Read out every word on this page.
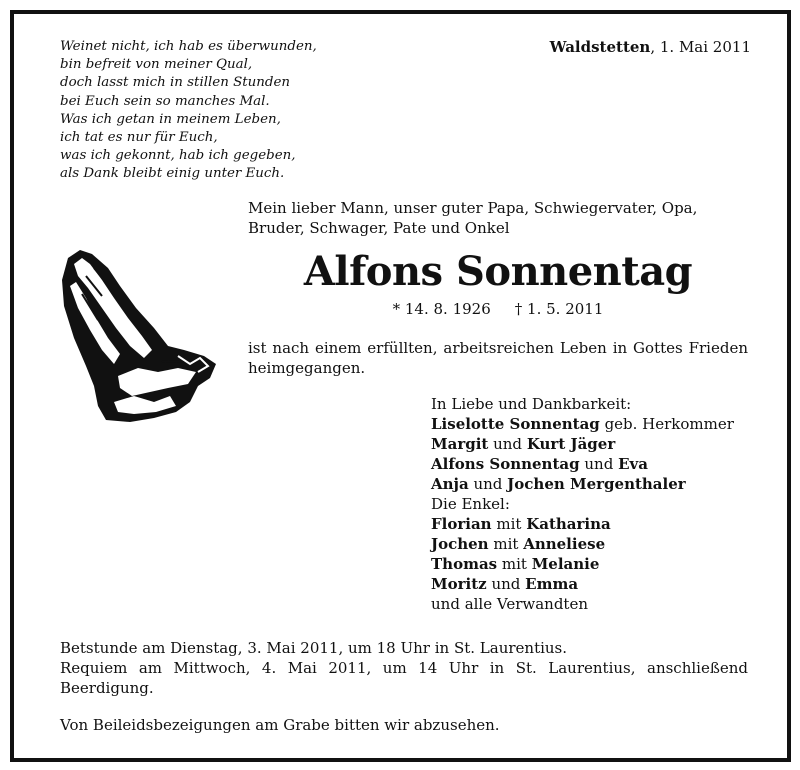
Weinet nicht, ich hab es überwunden,
bin befreit von meiner Qual,
doch lasst mich in stillen Stunden
bei Euch sein so manches Mal.
Was ich getan in meinem Leben,
ich tat es nur für Euch,
was ich gekonnt, hab ich gegeben,
als Dank bleibt einig unter Euch.
Waldstetten, 1. Mai 2011
Mein lieber Mann, unser guter Papa, Schwiegervater, Opa, Bruder, Schwager, Pate und Onkel
Alfons Sonnentag
* 14. 8. 1926 † 1. 5. 2011
ist nach einem erfüllten, arbeitsreichen Leben in Gottes Frieden heimgegangen.
In Liebe und Dankbarkeit:
Liselotte Sonnentag geb. Herkommer
Margit und Kurt Jäger
Alfons Sonnentag und Eva
Anja und Jochen Mergenthaler
Die Enkel:
Florian mit Katharina
Jochen mit Anneliese
Thomas mit Melanie
Moritz und Emma
und alle Verwandten
Betstunde am Dienstag, 3. Mai 2011, um 18 Uhr in St. Laurentius.
Requiem am Mittwoch, 4. Mai 2011, um 14 Uhr in St. Laurentius, anschließend Beerdigung.
Von Beileidsbezeigungen am Grabe bitten wir abzusehen.
